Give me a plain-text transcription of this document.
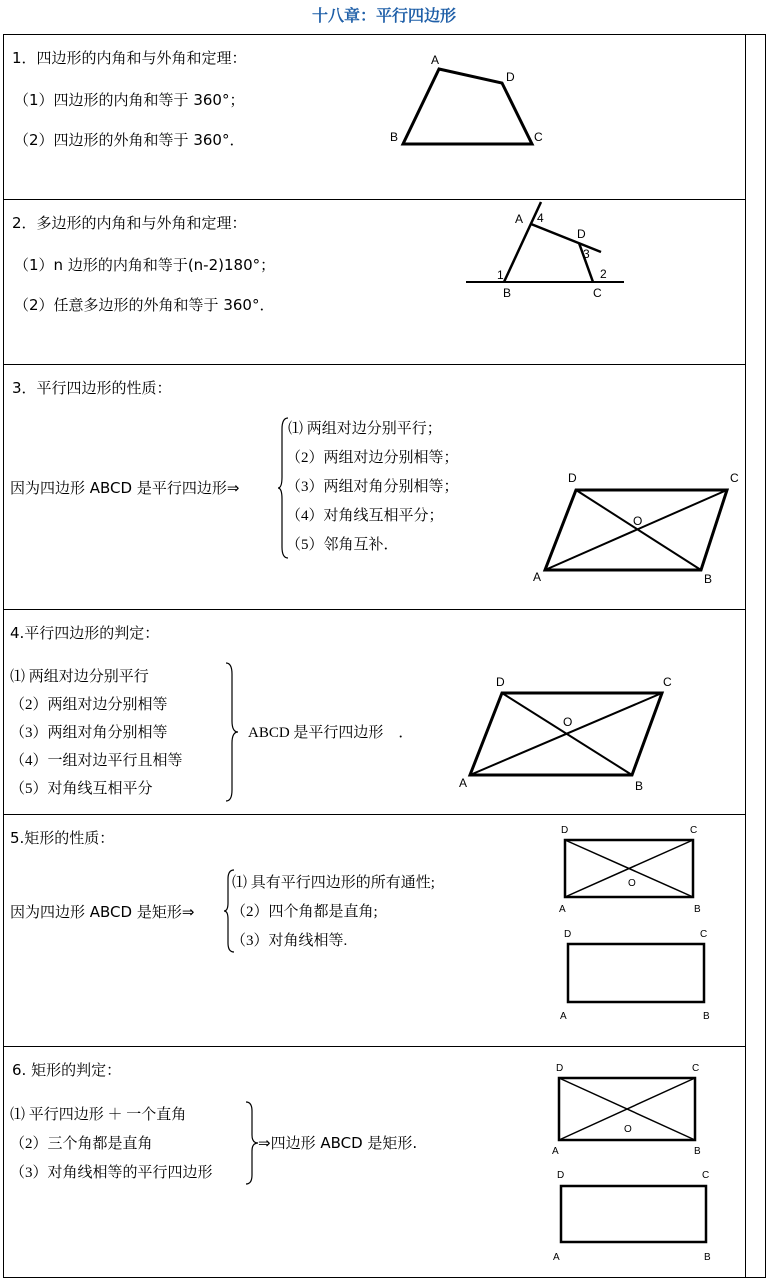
十八章：平行四边形
1．四边形的内角和与外角和定理：
（1）四边形的内角和等于 360°；
（2）四边形的外角和等于 360°．
A
D
B	C
2．多边形的内角和与外角和定理：
（1）n 边形的内角和等于(n-2)180°；
（2）任意多边形的外角和等于 360°．
A 4
D
3
1	2
B	C
3．平行四边形的性质：
因为四边形 ABCD 是平行四边形⇒
⑴ 两组对边分别平行；
（2）两组对边分别相等；
（3）两组对角分别相等；
（4）对角线互相平分；
（5）邻角互补．
D	C
O
A	B
4.平行四边形的判定：
⑴ 两组对边分别平行
（2）两组对边分别相等
（3）两组对角分别相等
（4）一组对边平行且相等
（5）对角线互相平分
ABCD 是平行四边形　．
D	C
O
A	B
5.矩形的性质：
因为四边形 ABCD 是矩形⇒
⑴ 具有平行四边形的所有通性;
（2）四个角都是直角;
（3）对角线相等.
D	C
O
A	B
D	C
A	B
6. 矩形的判定：
⑴ 平行四边形 ＋ 一个直角
（2）三个角都是直角
（3）对角线相等的平行四边形
⇒四边形 ABCD 是矩形.
D	C
O
A	B
D	C
A	B
